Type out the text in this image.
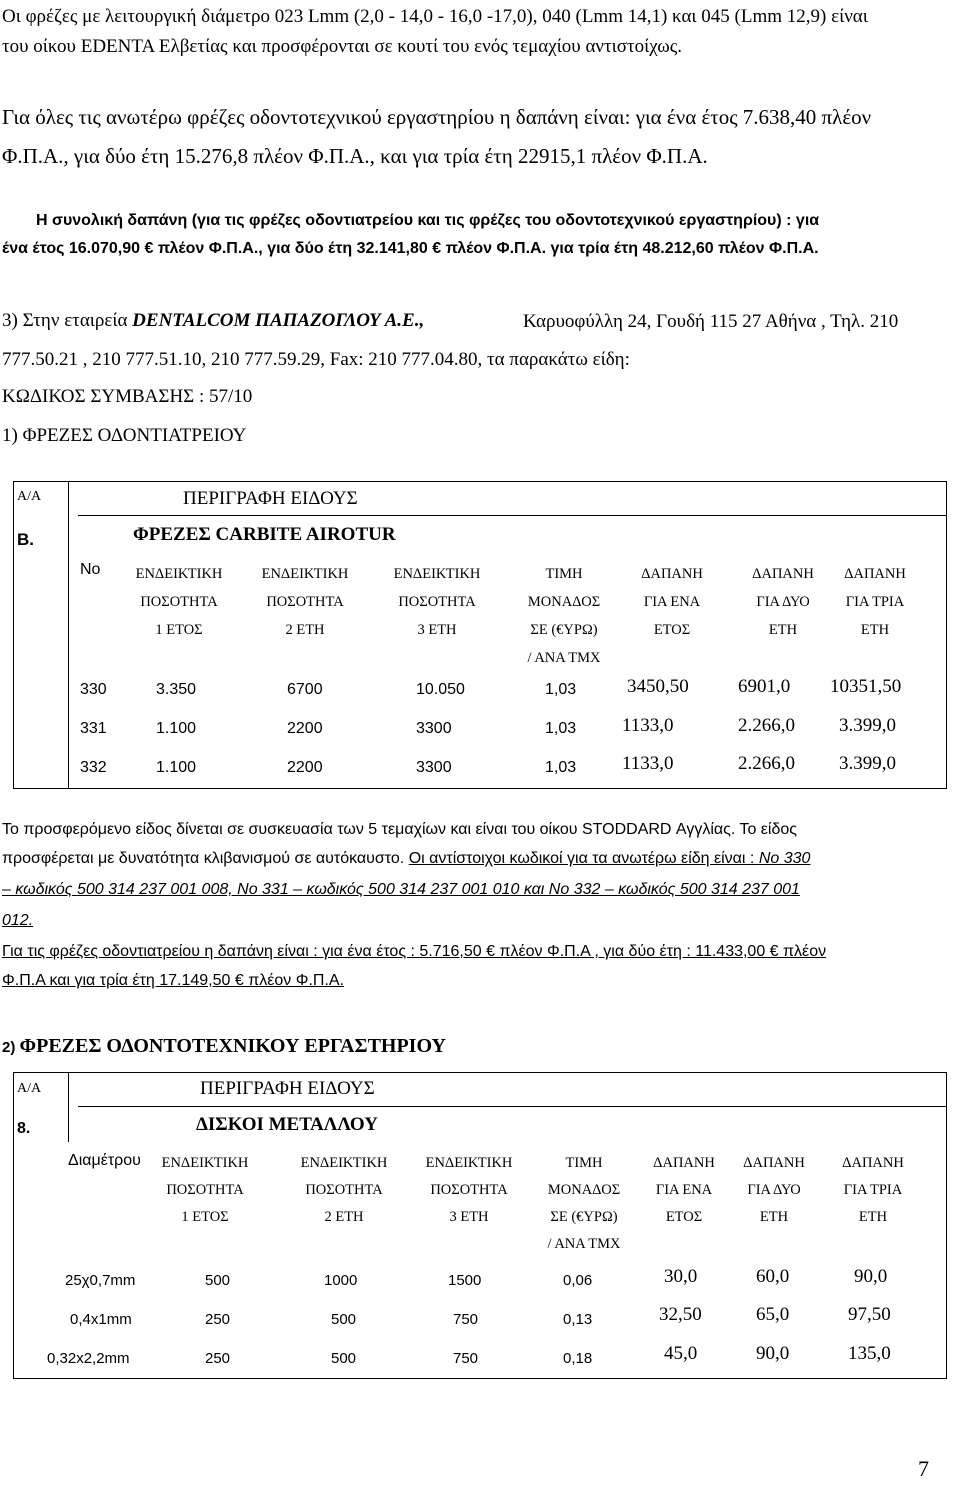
Οι φρέζες με λειτουργική διάμετρο 023 Lmm (2,0 - 14,0 - 16,0 -17,0), 040 (Lmm 14,1) και 045 (Lmm 12,9) είναι
του οίκου EDENTA Ελβετίας και προσφέρονται σε κουτί του ενός τεμαχίου αντιστοίχως.
Για όλες τις ανωτέρω φρέζες οδοντοτεχνικού εργαστηρίου η δαπάνη είναι: για ένα έτος 7.638,40 πλέον
Φ.Π.Α., για δύο έτη 15.276,8 πλέον Φ.Π.Α., και για τρία έτη 22915,1 πλέον Φ.Π.Α.
Η συνολική δαπάνη (για τις φρέζες οδοντιατρείου και τις φρέζες του οδοντοτεχνικού εργαστηρίου) : για
ένα έτος 16.070,90 € πλέον Φ.Π.Α., για δύο έτη 32.141,80 € πλέον Φ.Π.Α. για τρία έτη 48.212,60 πλέον Φ.Π.Α.
3) Στην εταιρεία DENTALCOM ΠΑΠΑΖΟΓΛΟΥ Α.Ε.,	Καρυοφύλλη 24, Γουδή 115 27 Αθήνα , Τηλ. 210
777.50.21 , 210 777.51.10, 210 777.59.29, Fax: 210 777.04.80, τα παρακάτω είδη:
ΚΩΔΙΚΟΣ ΣΥΜΒΑΣΗΣ : 57/10
1) ΦΡΕΖΕΣ ΟΔΟΝΤΙΑΤΡΕΙΟΥ
Α/Α	ΠΕΡΙΓΡΑΦΗ ΕΙΔΟΥΣ
Β.	ΦΡΕΖΕΣ CARBITE AIROTUR
No	ΕΝΔΕΙΚΤΙΚΗ
ΠΟΣΟΤΗΤΑ
1 ΕΤΟΣ
ΕΝΔΕΙΚΤΙΚΗ
ΠΟΣΟΤΗΤΑ
2 ΕΤΗ
ΕΝΔΕΙΚΤΙΚΗ
ΠΟΣΟΤΗΤΑ
3 ΕΤΗ
ΤΙΜΗ
ΜΟΝΑΔΟΣ
ΣΕ (€ΥΡΩ)
/ ΑΝΑ ΤΜΧ
ΔΑΠΑΝΗ
ΓΙΑ ΕΝΑ
ΕΤΟΣ
ΔΑΠΑΝΗ
ΓΙΑ ΔΥΟ
ΕΤΗ
ΔΑΠΑΝΗ
ΓΙΑ ΤΡΙΑ
ΕΤΗ
330	3.350	6700	10.050	1,03	3450,50	6901,0 10351,50
331	1.100	2200	3300	1,03 1133,0	2.266,0 3.399,0
332	1.100	2200	3300	1,03 1133,0	2.266,0 3.399,0
Το προσφερόμενο είδος δίνεται σε συσκευασία των 5 τεμαχίων και είναι του οίκου STODDARD Αγγλίας. Το είδος
προσφέρεται με δυνατότητα κλιβανισμού σε αυτόκαυστο. Οι αντίστοιχοι κωδικοί για τα ανωτέρω είδη είναι : Νο 330
– κωδικός 500 314 237 001 008, Νο 331 – κωδικός 500 314 237 001 010 και Νο 332 – κωδικός 500 314 237 001
012.
Για τις φρέζες οδοντιατρείου η δαπάνη είναι : για ένα έτος : 5.716,50 € πλέον Φ.Π.Α , για δύο έτη : 11.433,00 € πλέον
Φ.Π.Α και για τρία έτη 17.149,50 € πλέον Φ.Π.Α.
2) ΦΡΕΖΕΣ ΟΔΟΝΤΟΤΕΧΝΙΚΟΥ ΕΡΓΑΣΤΗΡΙΟΥ
Α/Α	ΠΕΡΙΓΡΑΦΗ ΕΙΔΟΥΣ
8.	ΔΙΣΚΟΙ ΜΕΤΑΛΛΟΥ
Διαμέτρου	ΕΝΔΕΙΚΤΙΚΗ
ΠΟΣΟΤΗΤΑ
1 ΕΤΟΣ
ΕΝΔΕΙΚΤΙΚΗ
ΠΟΣΟΤΗΤΑ
2 ΕΤΗ
ΕΝΔΕΙΚΤΙΚΗ
ΠΟΣΟΤΗΤΑ
3 ΕΤΗ
ΤΙΜΗ
ΜΟΝΑΔΟΣ
ΣΕ (€ΥΡΩ)
/ ΑΝΑ ΤΜΧ
ΔΑΠΑΝΗ
ΓΙΑ ΕΝΑ
ΕΤΟΣ
ΔΑΠΑΝΗ
ΓΙΑ ΔΥΟ
ΕΤΗ
ΔΑΠΑΝΗ
ΓΙΑ ΤΡΙΑ
ΕΤΗ
25χ0,7mm	500	1000	1500	0,06	30,0	60,0	90,0
0,4x1mm	250	500	750	0,13	32,50	65,0	97,50
0,32x2,2mm	250	500	750	0,18	45,0	90,0	135,0
7
